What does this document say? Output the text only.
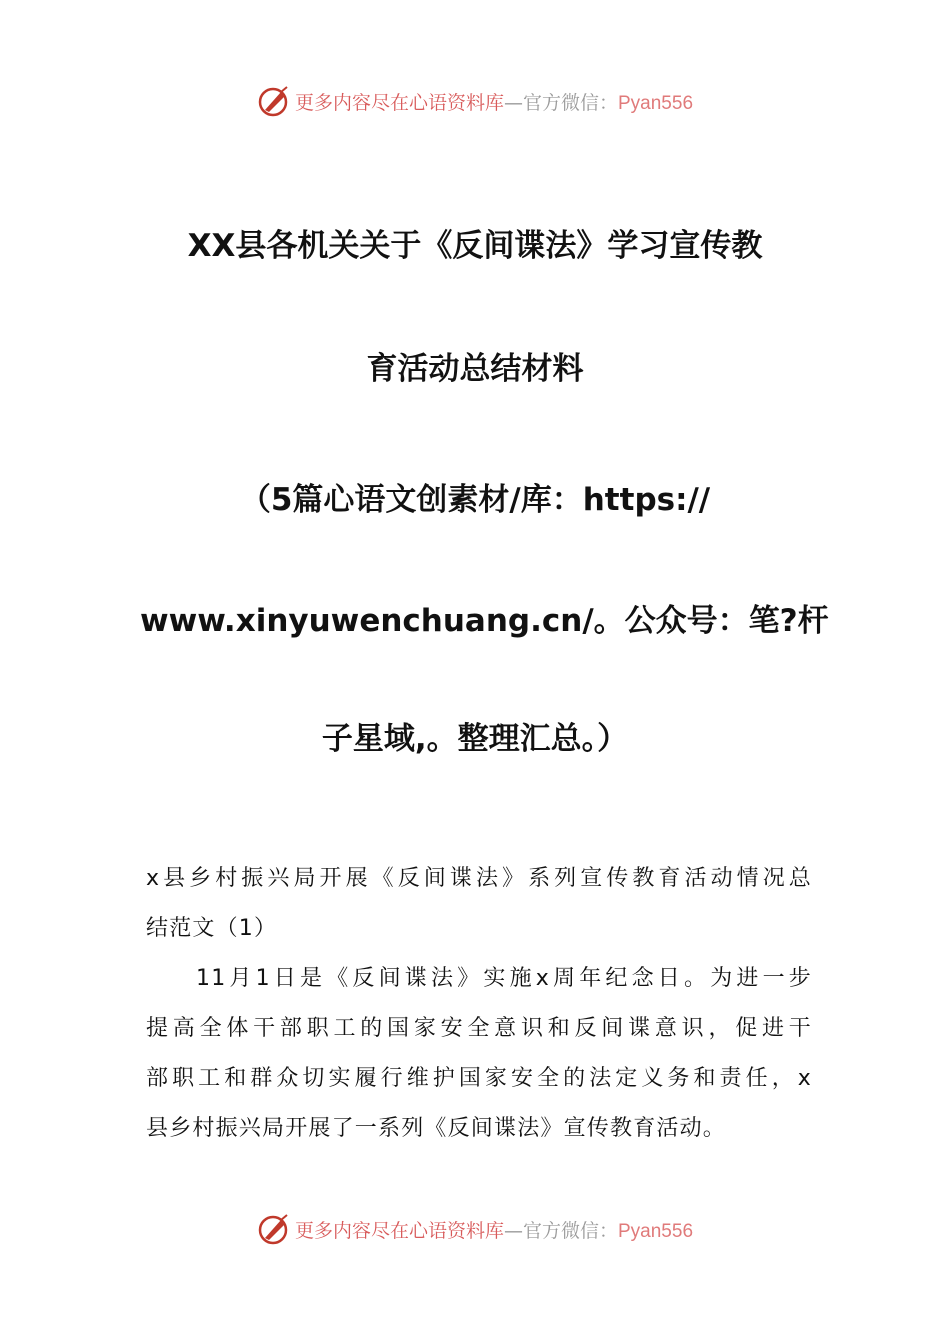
更多内容尽在心语资料库—官方微信：Pyan556
XX县各机关关于《反间谍法》学习宣传教
育活动总结材料
（5篇心语文创素材/库：https://
www.xinyuwenchuang.cn/。公众号：笔?杆
子星域,。整理汇总。）
x县乡村振兴局开展《反间谍法》系列宣传教育活动情况总
结范文（1）
11月1日是《反间谍法》实施x周年纪念日。为进一步
提高全体干部职工的国家安全意识和反间谍意识，促进干
部职工和群众切实履行维护国家安全的法定义务和责任，x
县乡村振兴局开展了一系列《反间谍法》宣传教育活动。
更多内容尽在心语资料库—官方微信：Pyan556
